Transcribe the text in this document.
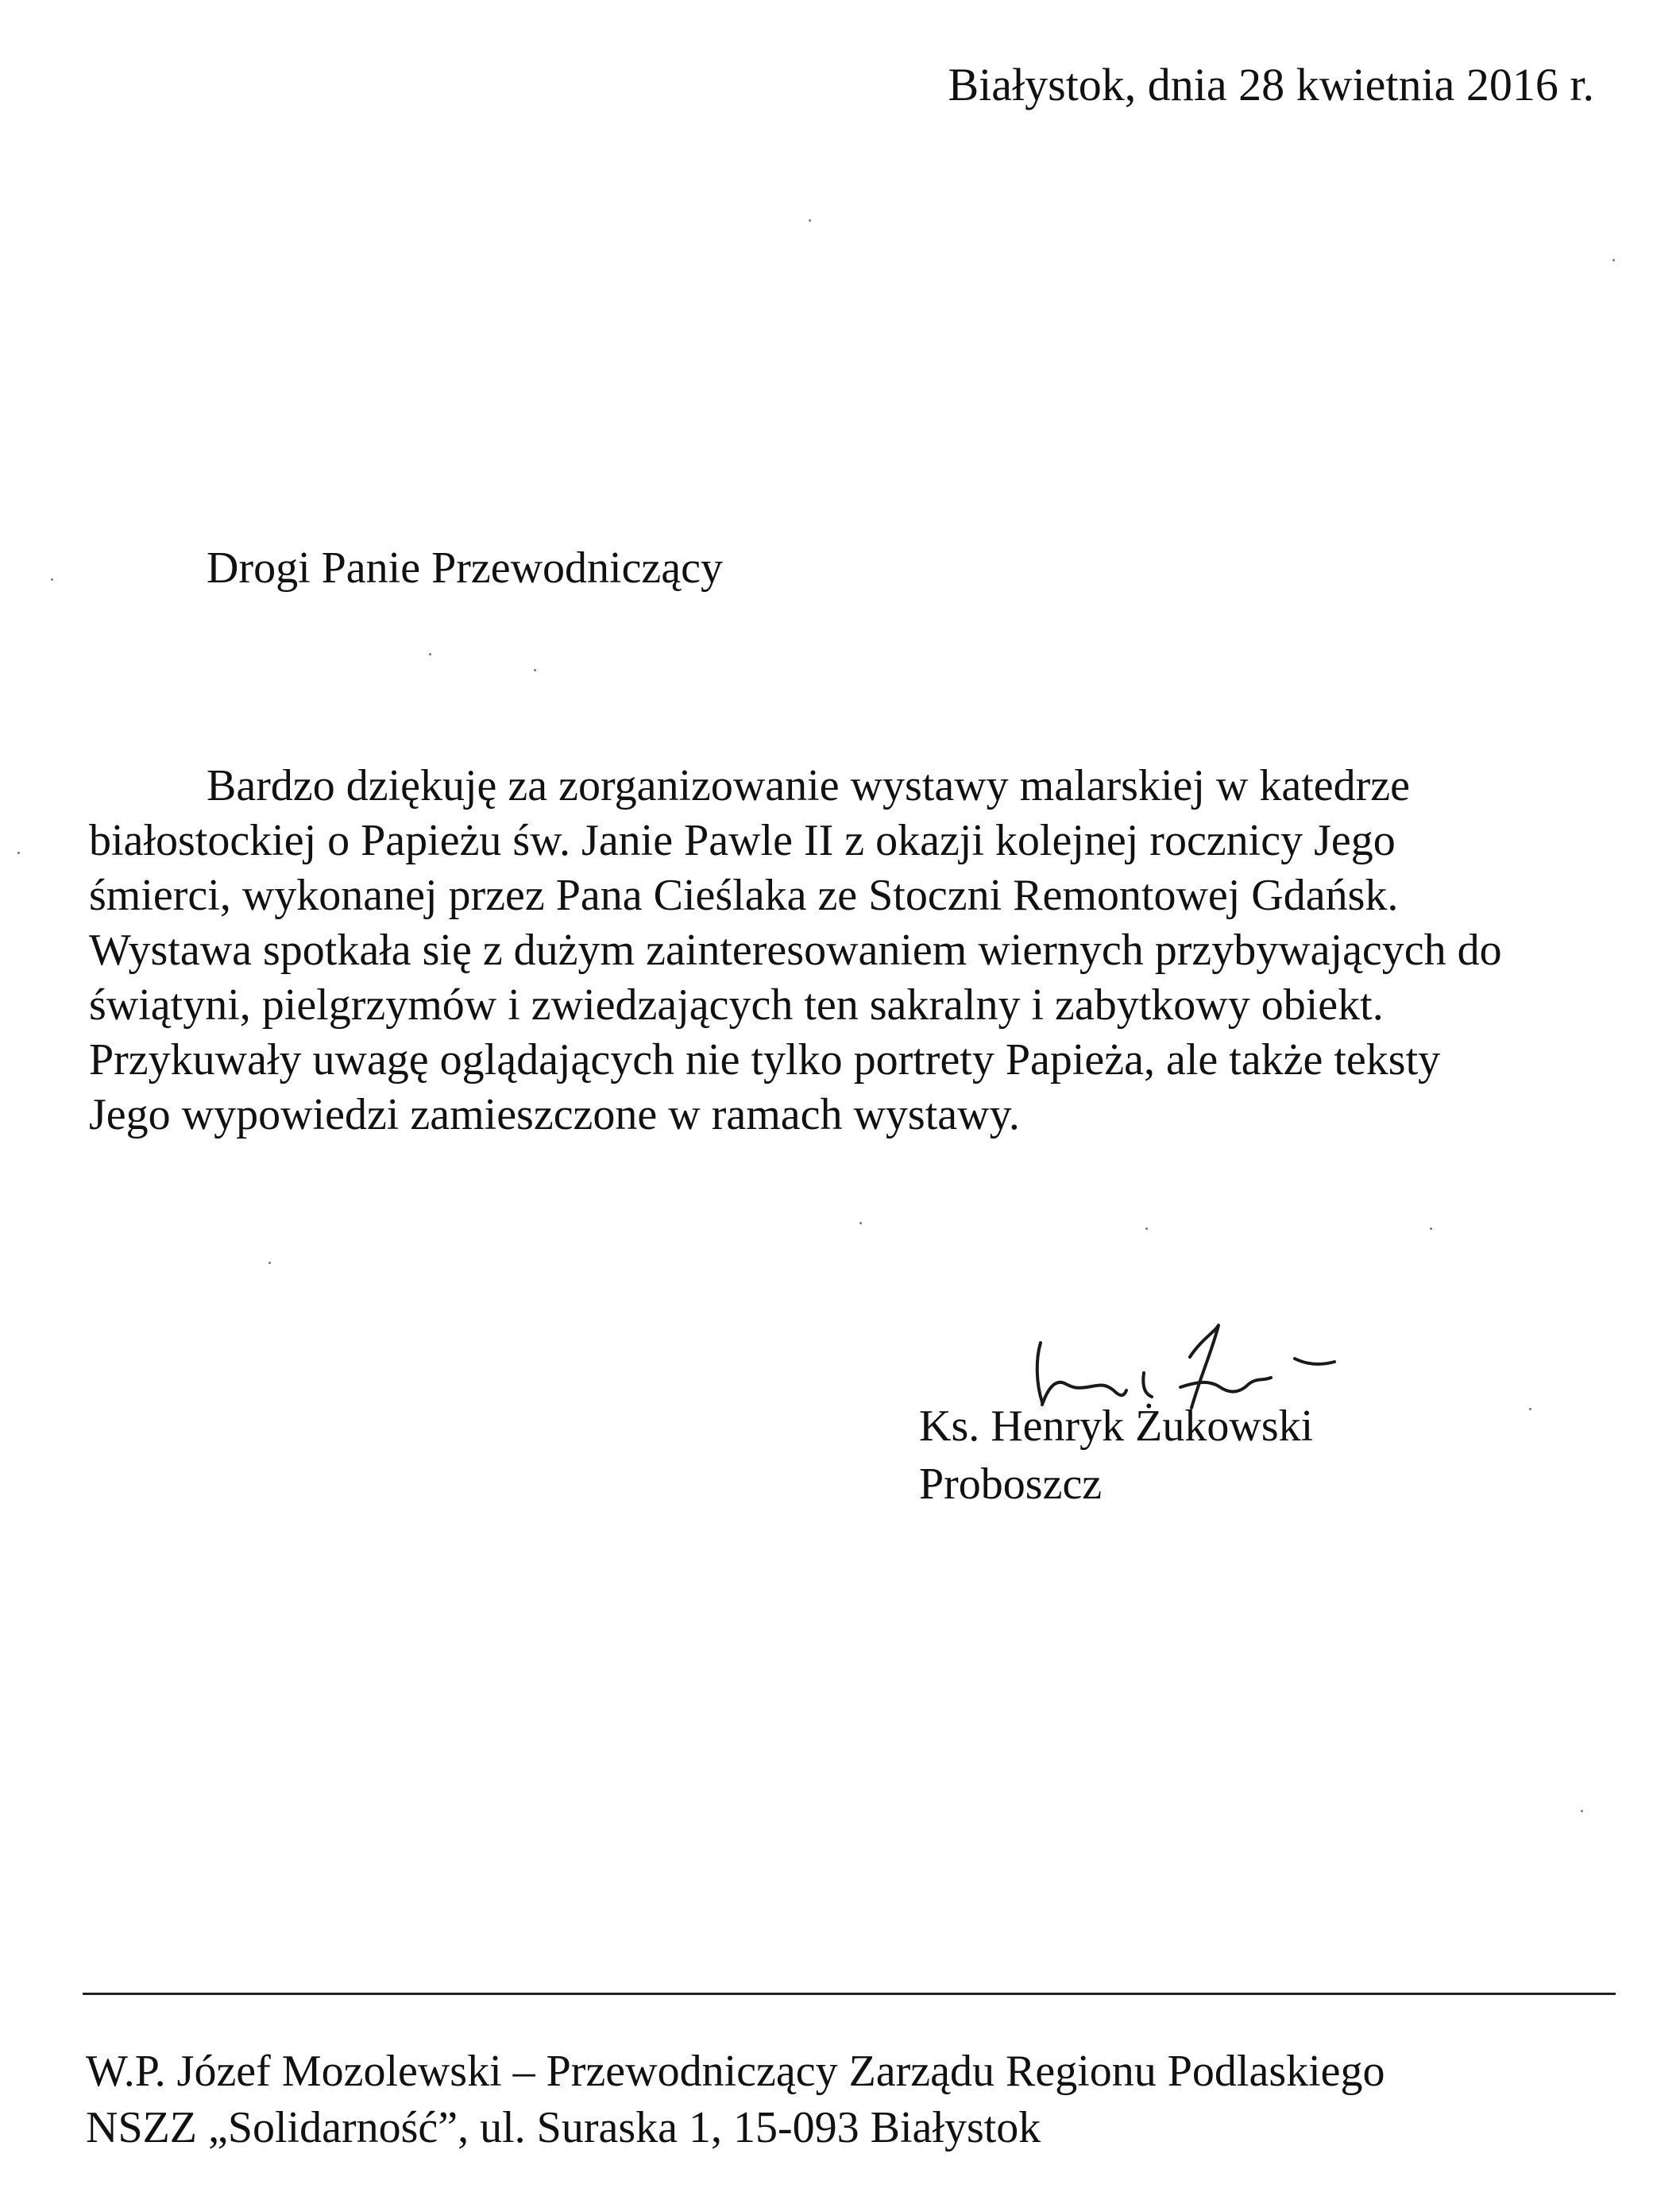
Białystok, dnia 28 kwietnia 2016 r.
Drogi Panie Przewodniczący
Bardzo dziękuję za zorganizowanie wystawy malarskiej w katedrze
białostockiej o Papieżu św. Janie Pawle II z okazji kolejnej rocznicy Jego
śmierci, wykonanej przez Pana Cieślaka ze Stoczni Remontowej Gdańsk.
Wystawa spotkała się z dużym zainteresowaniem wiernych przybywających do
świątyni, pielgrzymów i zwiedzających ten sakralny i zabytkowy obiekt.
Przykuwały uwagę oglądających nie tylko portrety Papieża, ale także teksty
Jego wypowiedzi zamieszczone w ramach wystawy.
Ks. Henryk Żukowski
Proboszcz
W.P. Józef Mozolewski – Przewodniczący Zarządu Regionu Podlaskiego
NSZZ „Solidarność”, ul. Suraska 1, 15-093 Białystok
